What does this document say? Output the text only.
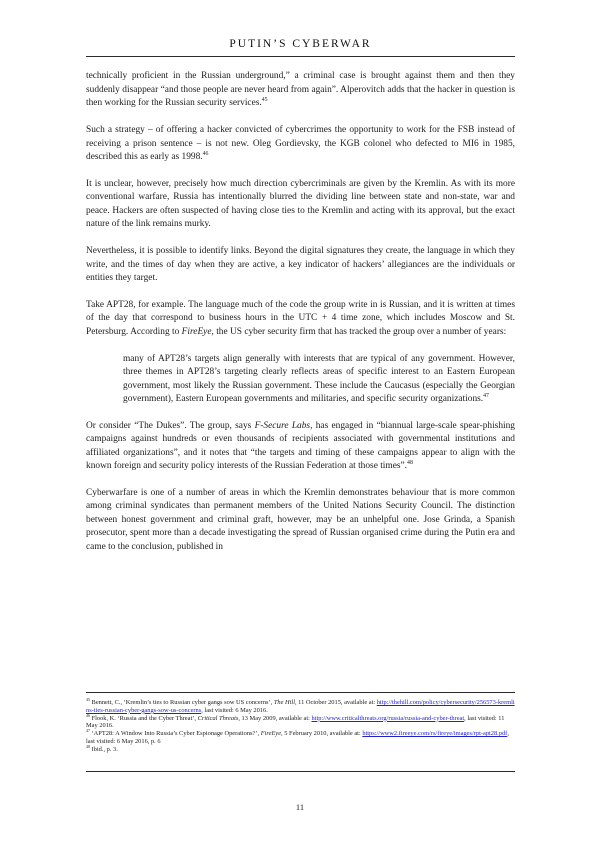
PUTIN’S CYBERWAR

technically proficient in the Russian underground,” a criminal case is brought against them and then they suddenly disappear “and those people are never heard from again”. Alperovitch adds that the hacker in question is then working for the Russian security services.$^{45}$

Such a strategy – of offering a hacker convicted of cybercrimes the opportunity to work for the FSB instead of receiving a prison sentence – is not new. Oleg Gordievsky, the KGB colonel who defected to MI6 in 1985, described this as early as 1998.46

It is unclear, however, precisely how much direction cybercriminals are given by the Kremlin. As with its more conventional warfare, Russia has intentionally blurred the dividing line between state and non-state, war and peace. Hackers are often suspected of having close ties to the Kremlin and acting with its approval, but the exact nature of the link remains murky.

Nevertheless, it is possible to identify links. Beyond the digital signatures they create, the language in which they write, and the times of day when they are active, a key indicator of hackers’ allegiances are the individuals or entities they target.

Take APT28, for example. The language much of the code the group write in is Russian, and it is written at times of the day that correspond to business hours in the UTC + 4 time zone, which includes Moscow and St. Petersburg. According to FireEye, the US cyber security firm that has tracked the group over a number of years:

many of APT28’s targets align generally with interests that are typical of any government. However, three themes in APT28’s targeting clearly reflects areas of specific interest to an Eastern European government, most likely the Russian government. These include the Caucasus (especially the Georgian government), Eastern European governments and militaries, and specific security organizations.$^{47}$

Or consider “The Dukes”. The group, says F-Secure Labs, has engaged in “biannual large-scale spear-phishing campaigns against hundreds or even thousands of recipients associated with governmental institutions and affiliated organizations”, and it notes that “the targets and timing of these campaigns appear to align with the known foreign and security policy interests of the Russian Federation at those times”.$^{48}$

Cyberwarfare is one of a number of areas in which the Kremlin demonstrates behaviour that is more common among criminal syndicates than permanent members of the United Nations Security Council. The distinction between honest government and criminal graft, however, may be an unhelpful one. Jose Grinda, a Spanish prosecutor, spent more than a decade investigating the spread of Russian organised crime during the Putin era and came to the conclusion, published in

$^{45}$ Bennett, C., ‘Kremlin’s ties to Russian cyber gangs sow US concerns’, The Hill, 11 October 2015, available at: http://thehill.com/policy/cybersecurity/256573-kremlins-ties-russian-cyber-gangs-sow-us-concerns, last visited: 6 May 2016.
$^{46}$ Flook, K. ‘Russia and the Cyber Threat’, Critical Threats, 13 May 2009, available at: http://www.criticalthreats.org/russia/russia-and-cyber-threat, last visited: 11 May 2016.
$^{47}$ ‘APT28: A Window Into Russia’s Cyber Espionage Operations?’, FireEye, 5 February 2010, available at: https://www2.fireeye.com/rs/fireye/images/rpt-apt28.pdf, last visited: 6 May 2016, p. 6
$^{48}$ Ibid., p. 3.
11
